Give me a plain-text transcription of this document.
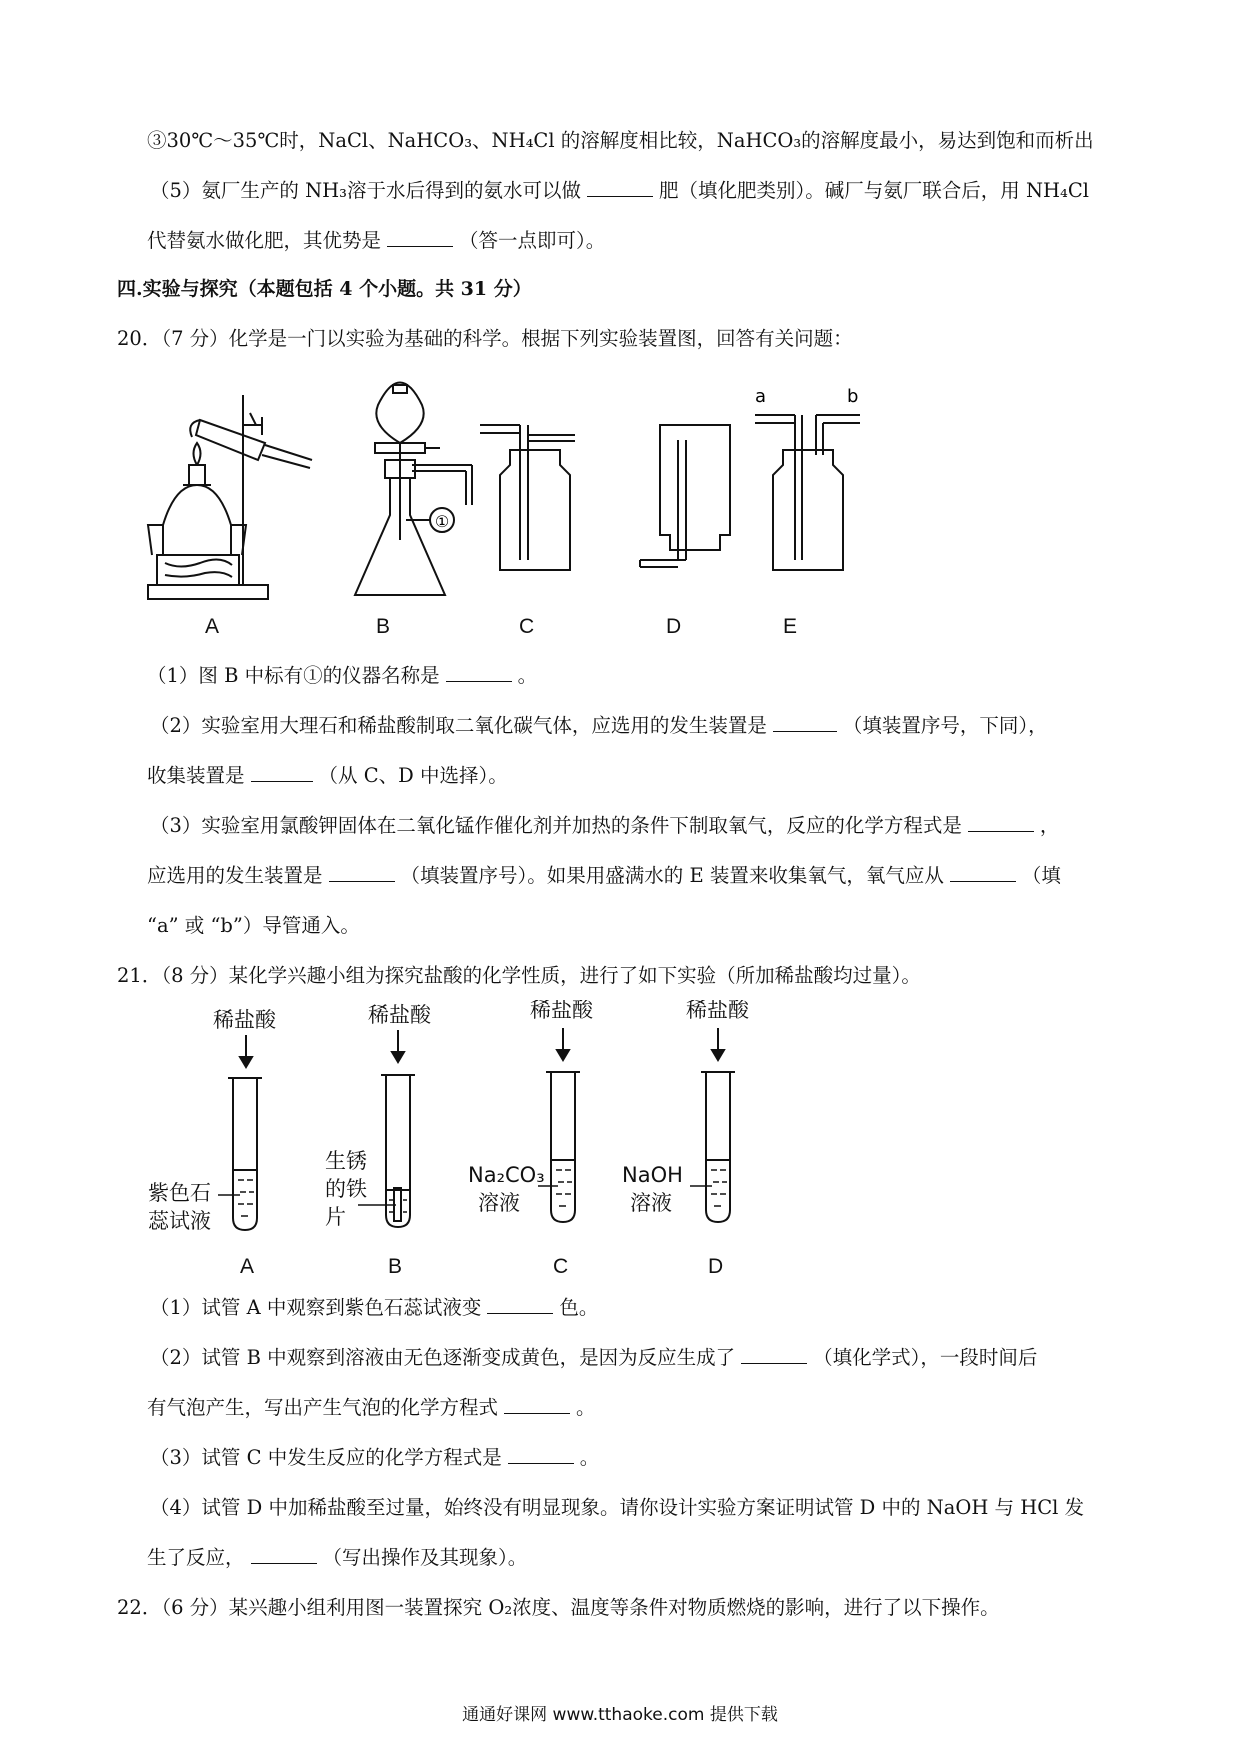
③30℃～35℃时，NaCl、NaHCO₃、NH₄Cl 的溶解度相比较，NaHCO₃的溶解度最小，易达到饱和而析出
（5）氨厂生产的 NH₃溶于水后得到的氨水可以做	肥（填化肥类别）。碱厂与氨厂联合后，用 NH₄Cl
代替氨水做化肥，其优势是	（答一点即可）。
四.实验与探究（本题包括 4 个小题。共 31 分）
20．（7 分）化学是一门以实验为基础的科学。根据下列实验装置图，回答有关问题：
①
a	b
A	B	C	D	E
（1）图 B 中标有①的仪器名称是	。
（2）实验室用大理石和稀盐酸制取二氧化碳气体，应选用的发生装置是	（填装置序号，下同），
收集装置是	（从 C、D 中选择）。
（3）实验室用氯酸钾固体在二氧化锰作催化剂并加热的条件下制取氧气，反应的化学方程式是	，
应选用的发生装置是	（填装置序号）。如果用盛满水的 E 装置来收集氧气，氧气应从	（填
“a” 或 “b”）导管通入。
21．（8 分）某化学兴趣小组为探究盐酸的化学性质，进行了如下实验（所加稀盐酸均过量）。
稀盐酸	稀盐酸	稀盐酸	稀盐酸
紫色石
蕊试液
生锈
的铁
片
Na₂CO₃
溶液
NaOH
溶液
A	B	C	D
（1）试管 A 中观察到紫色石蕊试液变	色。
（2）试管 B 中观察到溶液由无色逐渐变成黄色，是因为反应生成了	（填化学式），一段时间后
有气泡产生，写出产生气泡的化学方程式	。
（3）试管 C 中发生反应的化学方程式是	。
（4）试管 D 中加稀盐酸至过量，始终没有明显现象。请你设计实验方案证明试管 D 中的 NaOH 与 HCl 发
生了反应，	（写出操作及其现象）。
22．（6 分）某兴趣小组利用图一装置探究 O₂浓度、温度等条件对物质燃烧的影响，进行了以下操作。
通通好课网 www.tthaoke.com 提供下载
